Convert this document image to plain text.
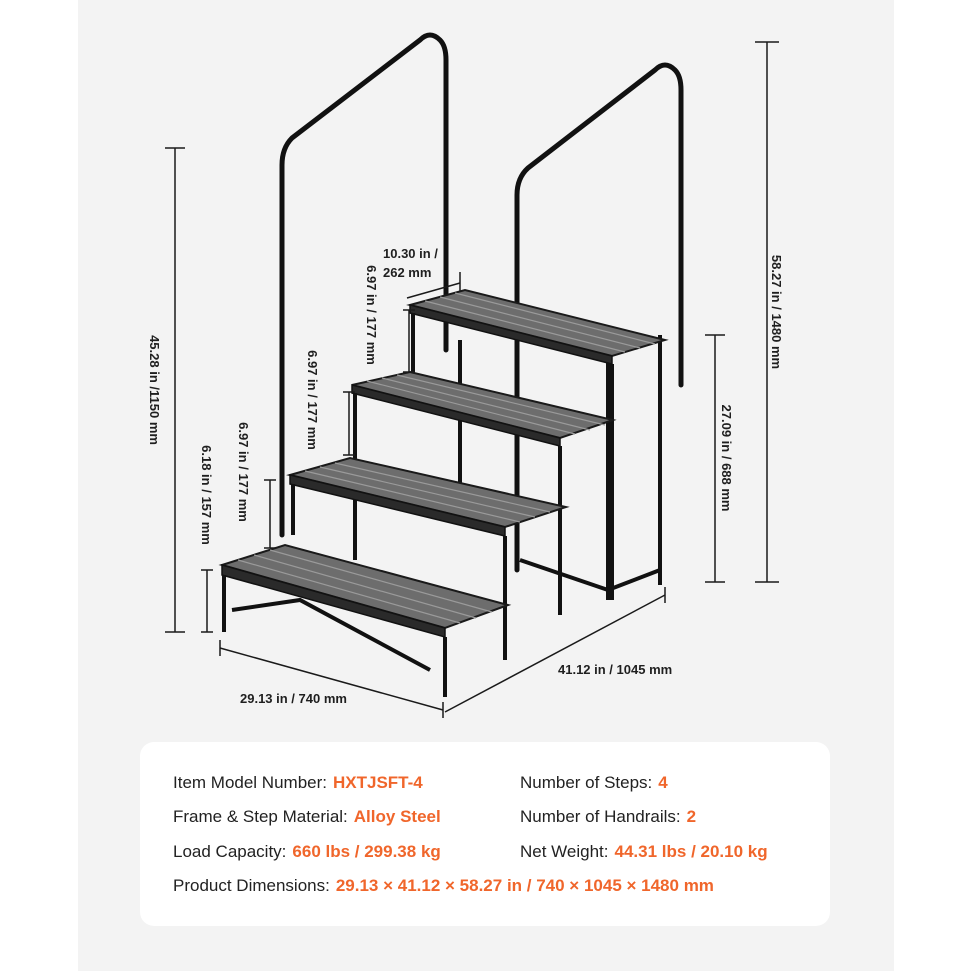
58.27 in / 1480 mm
27.09 in / 688 mm
45.28 in /1150 mm
6.18 in / 157 mm 6.97 in / 177 mm
6.97 in / 177 mm
6.97 in / 177 mm
10.30 in /
262 mm
29.13 in / 740 mm
41.12 in / 1045 mm
Item Model Number: HXTJSFT-4	Number of Steps: 4
Frame & Step Material: Alloy Steel	Number of Handrails: 2
Load Capacity: 660 lbs / 299.38 kg	Net Weight: 44.31 lbs / 20.10 kg
Product Dimensions: 29.13 × 41.12 × 58.27 in / 740 × 1045 × 1480 mm
